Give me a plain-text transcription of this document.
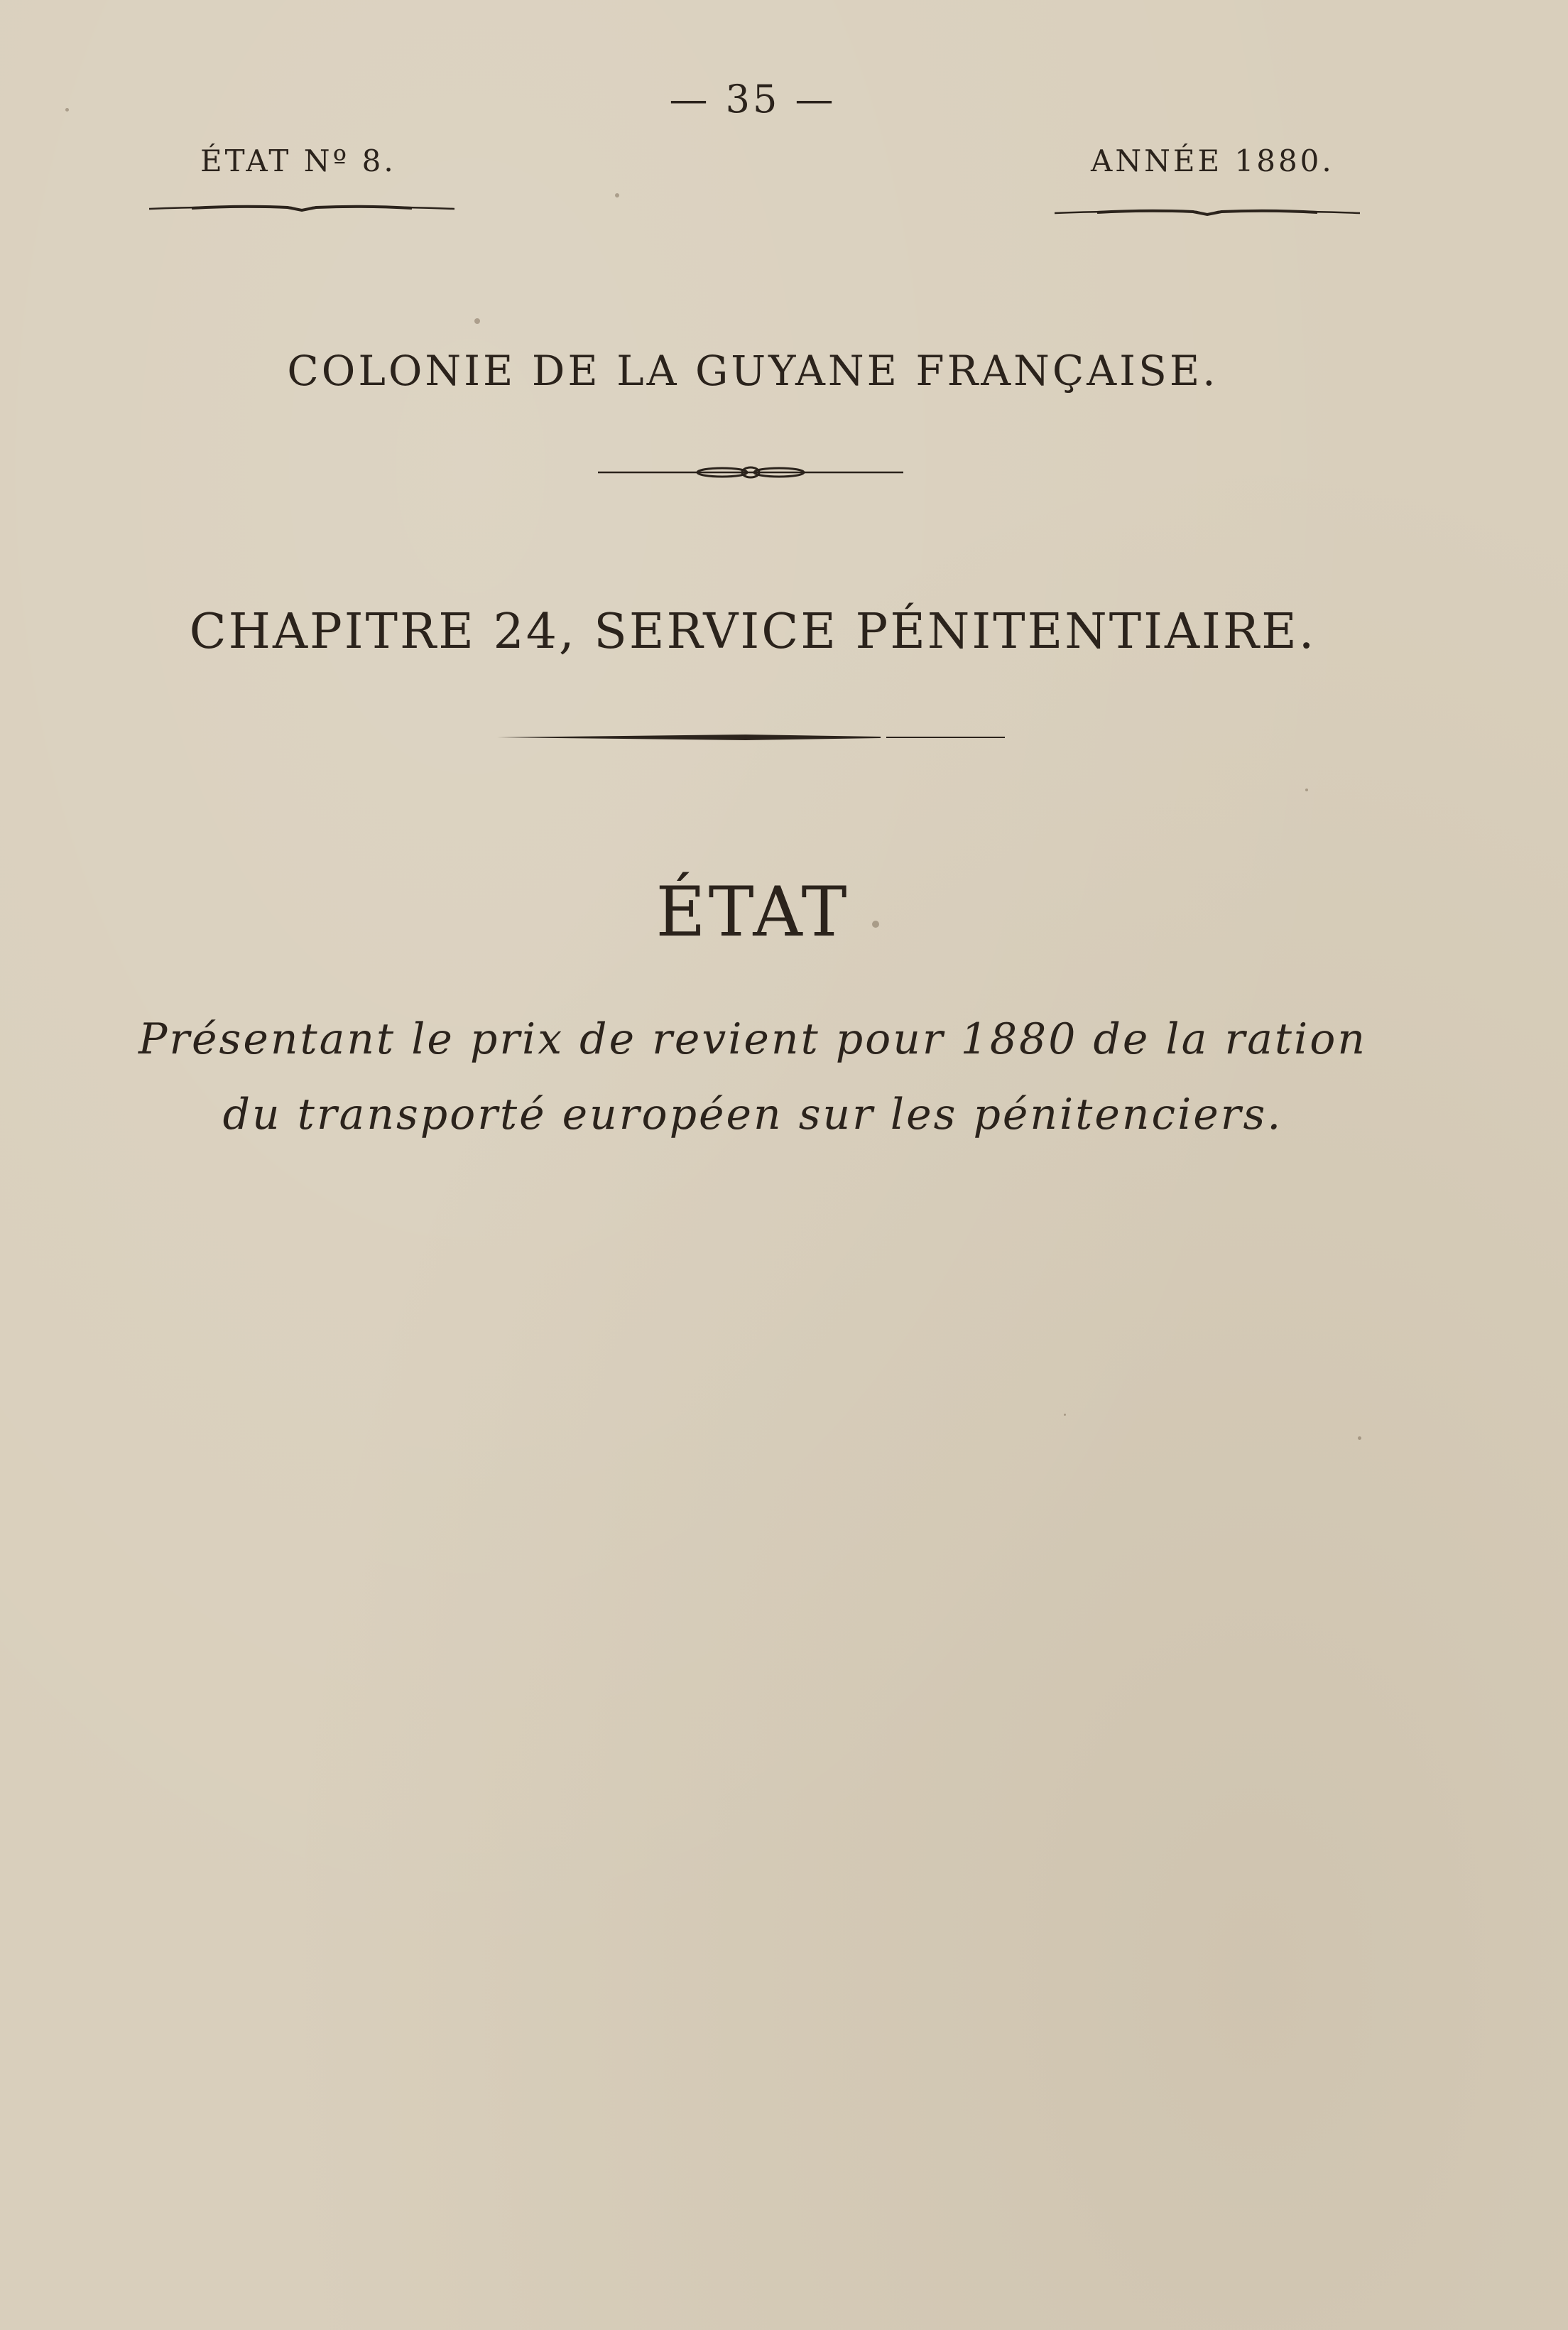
— 35 —
ÉTAT Nº 8.	ANNÉE 1880.
COLONIE DE LA GUYANE FRANÇAISE.
CHAPITRE 24, SERVICE PÉNITENTIAIRE.
ÉTAT
Présentant le prix de revient pour 1880 de la ration
du transporté européen sur les pénitenciers.
